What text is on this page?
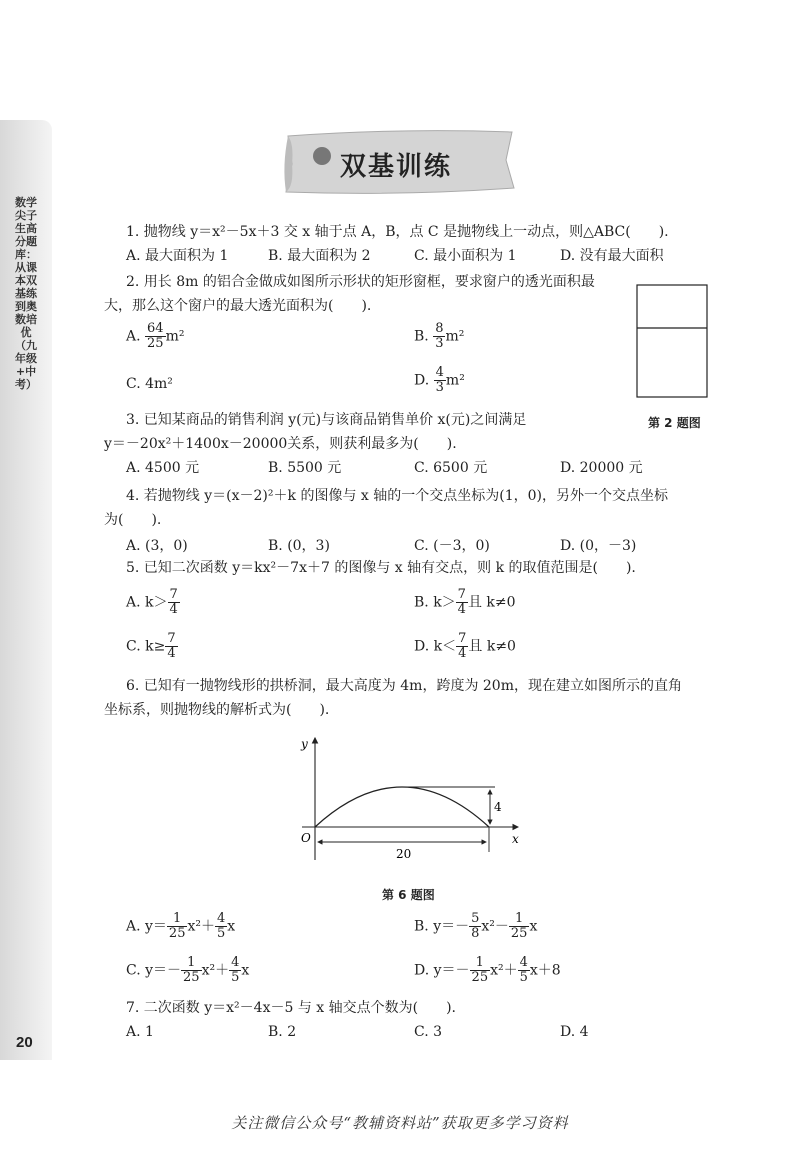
数学尖子生高分题库：从课本双基练到奥数培优（九年级+中考）
20
双基训练
1. 抛物线 y＝x²－5x＋3 交 x 轴于点 A，B，点 C 是抛物线上一动点，则△ABC(　　).
A. 最大面积为 1	B. 最大面积为 2	C. 最小面积为 1	D. 没有最大面积
2. 用长 8m 的铝合金做成如图所示形状的矩形窗框，要求窗户的透光面积最
大，那么这个窗户的最大透光面积为(　　).
A. $\frac{64}{25} m^2$	B. $\frac{8}{3} m^2$
C. 4m²	D. $\frac{4}{3} m^2$
第 2 题图
3. 已知某商品的销售利润 y(元)与该商品销售单价 x(元)之间满足
y＝－20x²＋1400x－20000关系，则获利最多为(　　).
A. 4500 元	B. 5500 元	C. 6500 元	D. 20000 元
4. 若抛物线 y＝(x－2)²＋k 的图像与 x 轴的一个交点坐标为(1，0)，另外一个交点坐标
为(　　).
A. (3，0)	B. (0，3)	C. (－3，0)	D. (0，－3)
5. 已知二次函数 y＝kx²－7x＋7 的图像与 x 轴有交点，则 k 的取值范围是(　　).
A. $k> \frac{7}{4}$	B. $k> \frac{7}{4}$ 且 k≠0
C. $k\ge \frac{7}{4}$	D. $k< \frac{7}{4}$ 且 k≠0
6. 已知有一抛物线形的拱桥洞，最大高度为 4m，跨度为 20m，现在建立如图所示的直角
坐标系，则抛物线的解析式为(　　).
y
x
O
4
20
第 6 题图
A. $y= \frac{1}{25} x^2+ \frac{4}{5}$ x	B. $y=- \frac{5}{8} x^2- \frac{1}{25}$ x
C. $y=- \frac{1}{25} x^2+ \frac{4}{5}$ x	D. $y=- \frac{1}{25} x^2+ \frac{4}{5} x+8$
7. 二次函数 y＝x²－4x－5 与 x 轴交点个数为(　　).
A. 1	B. 2	C. 3	D. 4
关注微信公众号“教辅资料站”获取更多学习资料
